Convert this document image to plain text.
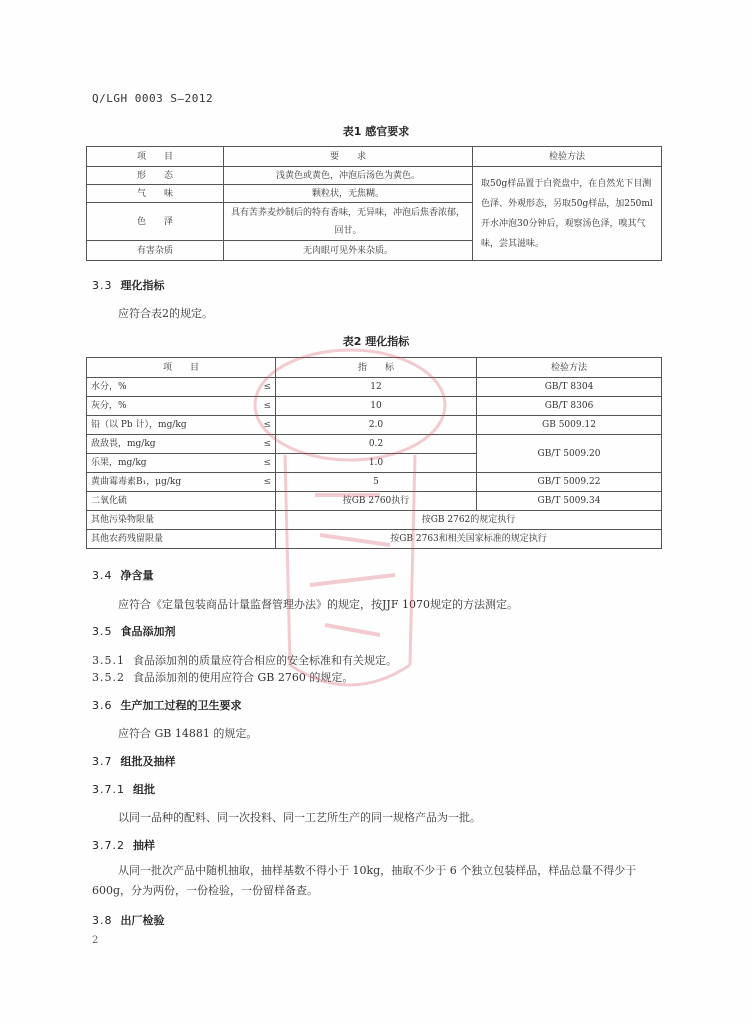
Q/LGH 0003 S—2012
表1 感官要求
项　　目	要　　求	检验方法
形　　态	浅黄色或黄色，冲泡后汤色为黄色。	取50g样品置于白瓷盘中，在自然光下目测色泽、外观形态，另取50g样品，加250ml开水冲泡30分钟后，观察汤色泽，嗅其气味，尝其滋味。
气　　味	颗粒状，无焦糊。	
色　　泽	具有苦荞麦炒制后的特有香味，无异味，冲泡后焦香浓郁，回甘。	
有害杂质	无肉眼可见外来杂质。	
3.3 理化指标
应符合表2的规定。
表2 理化指标
项　　目	指　　标	检验方法
水分，% ≤	12	GB/T 8304
灰分，% ≤	10	GB/T 8306
铅（以 Pb 计），mg/kg ≤	2.0	GB 5009.12
敌敌畏，mg/kg ≤	0.2	GB/T 5009.20
乐果，mg/kg ≤	1.0	
黄曲霉毒素B₁，μg/kg ≤	5	GB/T 5009.22
二氧化硫	按GB 2760执行	GB/T 5009.34
其他污染物限量	按GB 2762的规定执行	
其他农药残留限量	按GB 2763和相关国家标准的规定执行	
3.4 净含量
应符合《定量包装商品计量监督管理办法》的规定，按JJF 1070规定的方法测定。
3.5 食品添加剂
3.5.1 食品添加剂的质量应符合相应的安全标准和有关规定。
3.5.2 食品添加剂的使用应符合 GB 2760 的规定。
3.6 生产加工过程的卫生要求
应符合 GB 14881 的规定。
3.7 组批及抽样
3.7.1 组批
以同一品种的配料、同一次投料、同一工艺所生产的同一规格产品为一批。
3.7.2 抽样
从同一批次产品中随机抽取，抽样基数不得小于 10kg，抽取不少于 6 个独立包装样品，样品总量不得少于 600g，分为两份，一份检验，一份留样备查。
3.8 出厂检验
2
